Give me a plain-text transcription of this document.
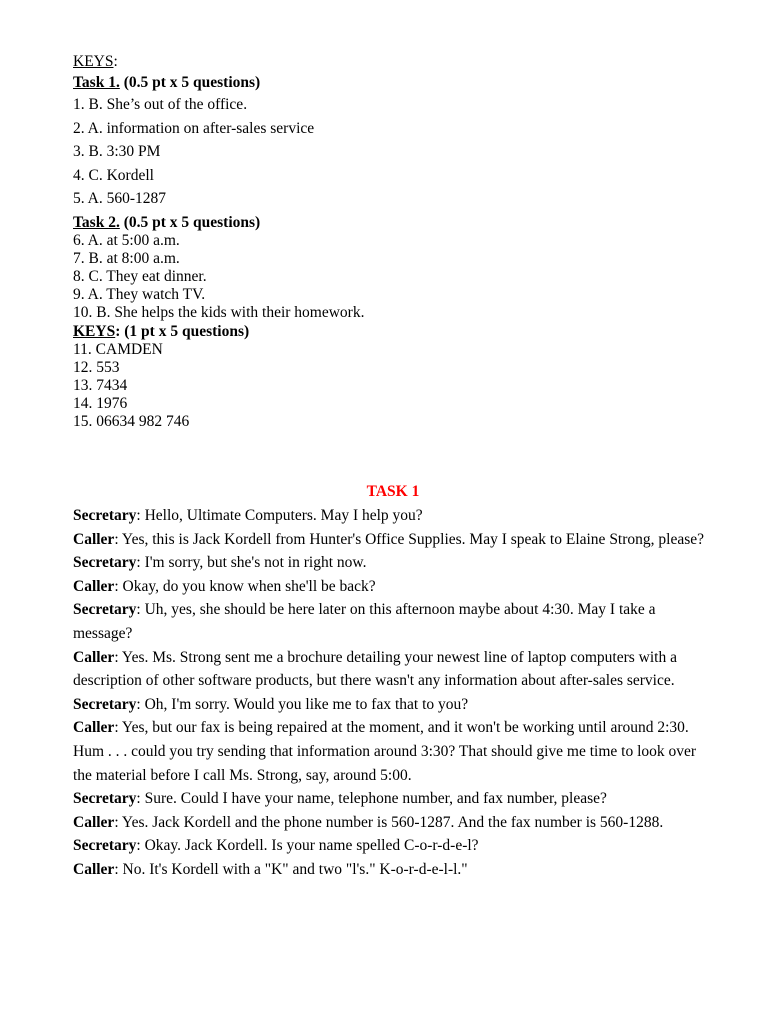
KEYS:
Task 1. (0.5 pt x 5 questions)

1. B. She’s out of the office.

2. A. information on after-sales service

3. B. 3:30 PM

4. C. Kordell

5. A. 560-1287

Task 2. (0.5 pt x 5 questions)

6. A. at 5:00 a.m.

7. B. at 8:00 a.m.

8. C. They eat dinner.

9. A. They watch TV.

10. B. She helps the kids with their homework.

KEYS: (1 pt x 5 questions)

11. CAMDEN

12. 553

13. 7434

14. 1976

15. 06634 982 746

TASK 1

Secretary: Hello, Ultimate Computers. May I help you?

Caller: Yes, this is Jack Kordell from Hunter's Office Supplies. May I speak to Elaine Strong, please?

Secretary: I'm sorry, but she's not in right now.

Caller: Okay, do you know when she'll be back?

Secretary: Uh, yes, she should be here later on this afternoon maybe about 4:30. May I take a message?

Caller: Yes. Ms. Strong sent me a brochure detailing your newest line of laptop computers with a description of other software products, but there wasn't any information about after-sales service.

Secretary: Oh, I'm sorry. Would you like me to fax that to you?

Caller: Yes, but our fax is being repaired at the moment, and it won't be working until around 2:30. Hum . . . could you try sending that information around 3:30? That should give me time to look over the material before I call Ms. Strong, say, around 5:00.

Secretary: Sure. Could I have your name, telephone number, and fax number, please?

Caller: Yes. Jack Kordell and the phone number is 560-1287. And the fax number is 560-1288.

Secretary: Okay. Jack Kordell. Is your name spelled C-o-r-d-e-l?

Caller: No. It's Kordell with a "K" and two "l's." K-o-r-d-e-l-l."
